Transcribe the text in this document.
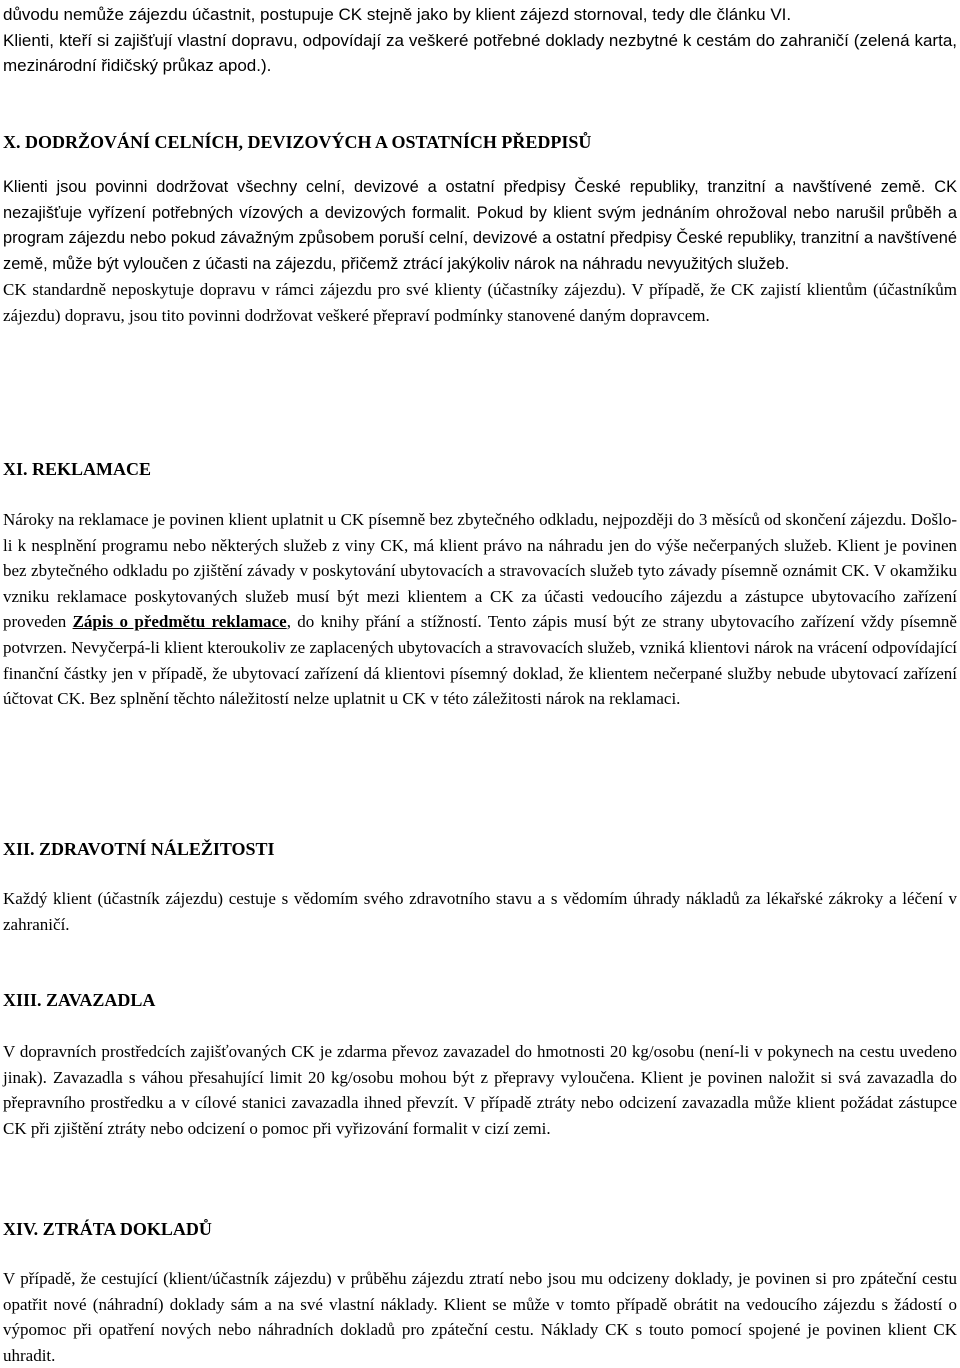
důvodu nemůže zájezdu účastnit, postupuje CK stejně jako by klient zájezd stornoval, tedy dle článku VI.

Klienti, kteří si zajišťují vlastní dopravu, odpovídají za veškeré potřebné doklady nezbytné k cestám do zahraničí (zelená karta, mezinárodní řidičský průkaz apod.).

X. DODRŽOVÁNÍ CELNÍCH, DEVIZOVÝCH A OSTATNÍCH PŘEDPISŮ

Klienti jsou povinni dodržovat všechny celní, devizové a ostatní předpisy České republiky, tranzitní a navštívené země. CK nezajišťuje vyřízení potřebných vízových a devizových formalit. Pokud by klient svým jednáním ohrožoval nebo narušil průběh a program zájezdu nebo pokud závažným způsobem poruší celní, devizové a ostatní předpisy České republiky, tranzitní a navštívené země, může být vyloučen z účasti na zájezdu, přičemž ztrácí jakýkoliv nárok na náhradu nevyužitých služeb.

CK standardně neposkytuje dopravu v rámci zájezdu pro své klienty (účastníky zájezdu). V případě, že CK zajistí klientům (účastníkům zájezdu) dopravu, jsou tito povinni dodržovat veškeré přepraví podmínky stanovené daným dopravcem.

XI. REKLAMACE

Nároky na reklamace je povinen klient uplatnit u CK písemně bez zbytečného odkladu, nejpozději do 3 měsíců od skončení zájezdu. Došlo-li k nesplnění programu nebo některých služeb z viny CK, má klient právo na náhradu jen do výše nečerpaných služeb. Klient je povinen bez zbytečného odkladu po zjištění závady v poskytování ubytovacích a stravovacích služeb tyto závady písemně oznámit CK. V okamžiku vzniku reklamace poskytovaných služeb musí být mezi klientem a CK za účasti vedoucího zájezdu a zástupce ubytovacího zařízení proveden Zápis o předmětu reklamace, do knihy přání a stížností. Tento zápis musí být ze strany ubytovacího zařízení vždy písemně potvrzen. Nevyčerpá-li klient kteroukoliv ze zaplacených ubytovacích a stravovacích služeb, vzniká klientovi nárok na vrácení odpovídající finanční částky jen v případě, že ubytovací zařízení dá klientovi písemný doklad, že klientem nečerpané služby nebude ubytovací zařízení účtovat CK. Bez splnění těchto náležitostí nelze uplatnit u CK v této záležitosti nárok na reklamaci.

XII. ZDRAVOTNÍ NÁLEŽITOSTI

Každý klient (účastník zájezdu) cestuje s vědomím svého zdravotního stavu a s vědomím úhrady nákladů za lékařské zákroky a léčení v zahraničí.

XIII. ZAVAZADLA

V dopravních prostředcích zajišťovaných CK je zdarma převoz zavazadel do hmotnosti 20 kg/osobu (není-li v pokynech na cestu uvedeno jinak). Zavazadla s váhou přesahující limit 20 kg/osobu mohou být z přepravy vyloučena. Klient je povinen naložit si svá zavazadla do přepravního prostředku a v cílové stanici zavazadla ihned převzít. V případě ztráty nebo odcizení zavazadla může klient požádat zástupce CK při zjištění ztráty nebo odcizení o pomoc při vyřizování formalit v cizí zemi.

XIV. ZTRÁTA DOKLADŮ

V případě, že cestující (klient/účastník zájezdu) v průběhu zájezdu ztratí nebo jsou mu odcizeny doklady, je povinen si pro zpáteční cestu opatřit nové (náhradní) doklady sám a na své vlastní náklady. Klient se může v tomto případě obrátit na vedoucího zájezdu s žádostí o výpomoc při opatření nových nebo náhradních dokladů pro zpáteční cestu. Náklady CK s touto pomocí spojené je povinen klient CK uhradit.
